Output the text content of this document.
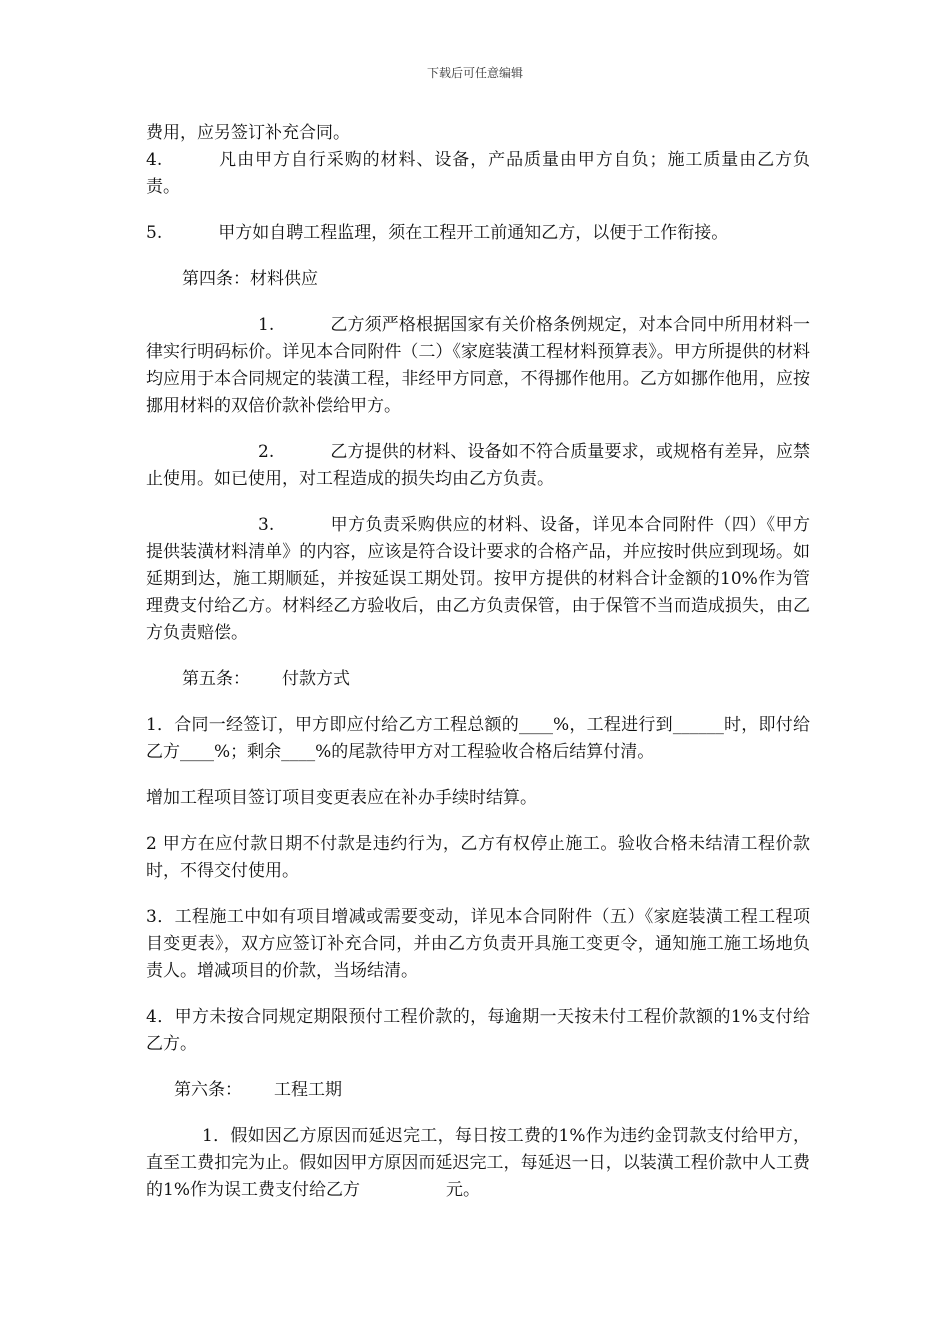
下载后可任意编辑

费用，应另签订补充合同。

4.	凡由甲方自行采购的材料、设备，产品质量由甲方自负；施工质量由乙方负责。

5.	甲方如自聘工程监理，须在工程开工前通知乙方，以便于工作衔接。

第四条：材料供应

1.	乙方须严格根据国家有关价格条例规定，对本合同中所用材料一律实行明码标价。详见本合同附件（二）《家庭装潢工程材料预算表》。甲方所提供的材料均应用于本合同规定的装潢工程，非经甲方同意，不得挪作他用。乙方如挪作他用，应按挪用材料的双倍价款补偿给甲方。

2.	乙方提供的材料、设备如不符合质量要求，或规格有差异，应禁止使用。如已使用，对工程造成的损失均由乙方负责。

3.	甲方负责采购供应的材料、设备，详见本合同附件（四）《甲方提供装潢材料清单》的内容，应该是符合设计要求的合格产品，并应按时供应到现场。如延期到达，施工期顺延，并按延误工期处罚。按甲方提供的材料合计金额的10%作为管理费支付给乙方。材料经乙方验收后，由乙方负责保管，由于保管不当而造成损失，由乙方负责赔偿。

第五条： 付款方式

1．合同一经签订，甲方即应付给乙方工程总额的____%，工程进行到______时，即付给乙方____%；剩余____%的尾款待甲方对工程验收合格后结算付清。

增加工程项目签订项目变更表应在补办手续时结算。

2 甲方在应付款日期不付款是违约行为，乙方有权停止施工。验收合格未结清工程价款时，不得交付使用。

3．工程施工中如有项目增减或需要变动，详见本合同附件（五）《家庭装潢工程工程项目变更表》，双方应签订补充合同，并由乙方负责开具施工变更令，通知施工施工场地负责人。增减项目的价款，当场结清。

4．甲方未按合同规定期限预付工程价款的，每逾期一天按未付工程价款额的1%支付给乙方。

第六条： 工程工期

1．假如因乙方原因而延迟完工，每日按工费的1%作为违约金罚款支付给甲方，直至工费扣完为止。假如因甲方原因而延迟完工，每延迟一日，以装潢工程价款中人工费的1%作为误工费支付给乙方	元。
